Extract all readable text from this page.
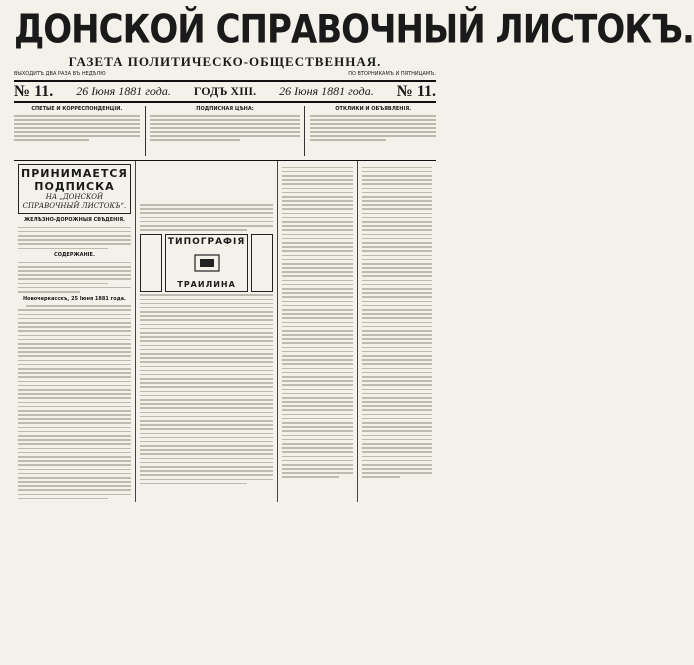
ДОНСКОЙ СПРАВОЧНЫЙ ЛИСТОКЪ.
ГАЗЕТА ПОЛИТИЧЕСКО-ОБЩЕСТВЕННАЯ.
ВЫХОДИТЪ ДВА РАЗА ВЪ НЕДѢЛЮ	ПО ВТОРНИКАМЪ И ПЯТНИЦАМЪ.
№ 11. 26 Іюня 1881 года. ГОДЪ ХІІІ. 26 Іюня 1881 года. № 11.
СПЕТЫЕ И КОРРЕСПОНДЕНЦІИ.	ПОДПИСНАЯ ЦѢНА:	ОТКЛИКИ И ОБЪЯВЛЕНІЯ.
ПРИНИМАЕТСЯ ПОДПИСКА
НА „ДОНСКОЙ СПРАВОЧНЫЙ ЛИСТОКЪ“.
ЖЕЛѢЗНО-ДОРОЖНЫЯ СВѢДЕНІЯ.
СОДЕРЖАНІЕ.
Новочеркасскъ, 25 Іюня 1881 года.
ТИПОГРАФІЯ
ТРАИЛИНА
